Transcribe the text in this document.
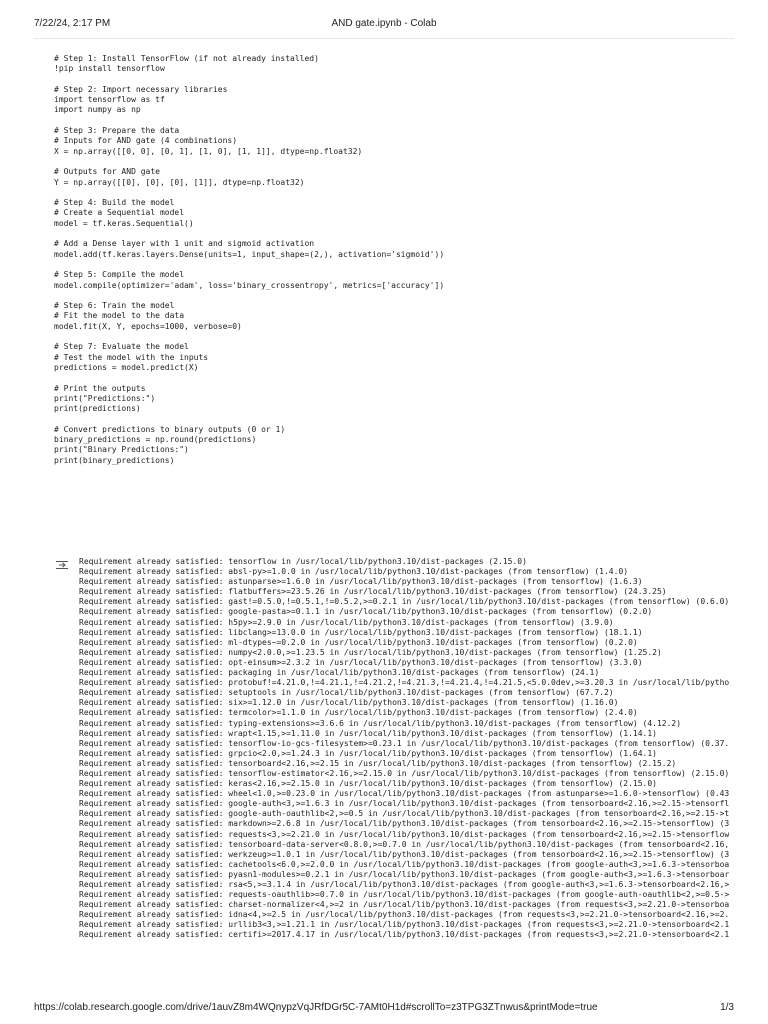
7/22/24, 2:17 PM	AND gate.ipynb - Colab
# Step 1: Install TensorFlow (if not already installed)
!pip install tensorflow
# Step 2: Import necessary libraries
import tensorflow as tf
import numpy as np
# Step 3: Prepare the data
# Inputs for AND gate (4 combinations)
X = np.array([[0, 0], [0, 1], [1, 0], [1, 1]], dtype=np.float32)
# Outputs for AND gate
Y = np.array([[0], [0], [0], [1]], dtype=np.float32)
# Step 4: Build the model
# Create a Sequential model
model = tf.keras.Sequential()
# Add a Dense layer with 1 unit and sigmoid activation
model.add(tf.keras.layers.Dense(units=1, input_shape=(2,), activation='sigmoid'))
# Step 5: Compile the model
model.compile(optimizer='adam', loss='binary_crossentropy', metrics=['accuracy'])
# Step 6: Train the model
# Fit the model to the data
model.fit(X, Y, epochs=1000, verbose=0)
# Step 7: Evaluate the model
# Test the model with the inputs
predictions = model.predict(X)
# Print the outputs
print("Predictions:")
print(predictions)
# Convert predictions to binary outputs (0 or 1)
binary_predictions = np.round(predictions)
print("Binary Predictions:")
print(binary_predictions)
Requirement already satisfied: tensorflow in /usr/local/lib/python3.10/dist-packages (2.15.0)
Requirement already satisfied: absl-py>=1.0.0 in /usr/local/lib/python3.10/dist-packages (from tensorflow) (1.4.0)
Requirement already satisfied: astunparse>=1.6.0 in /usr/local/lib/python3.10/dist-packages (from tensorflow) (1.6.3)
Requirement already satisfied: flatbuffers>=23.5.26 in /usr/local/lib/python3.10/dist-packages (from tensorflow) (24.3.25)
Requirement already satisfied: gast!=0.5.0,!=0.5.1,!=0.5.2,>=0.2.1 in /usr/local/lib/python3.10/dist-packages (from tensorflow) (0.6.0)
Requirement already satisfied: google-pasta>=0.1.1 in /usr/local/lib/python3.10/dist-packages (from tensorflow) (0.2.0)
Requirement already satisfied: h5py>=2.9.0 in /usr/local/lib/python3.10/dist-packages (from tensorflow) (3.9.0)
Requirement already satisfied: libclang>=13.0.0 in /usr/local/lib/python3.10/dist-packages (from tensorflow) (18.1.1)
Requirement already satisfied: ml-dtypes~=0.2.0 in /usr/local/lib/python3.10/dist-packages (from tensorflow) (0.2.0)
Requirement already satisfied: numpy<2.0.0,>=1.23.5 in /usr/local/lib/python3.10/dist-packages (from tensorflow) (1.25.2)
Requirement already satisfied: opt-einsum>=2.3.2 in /usr/local/lib/python3.10/dist-packages (from tensorflow) (3.3.0)
Requirement already satisfied: packaging in /usr/local/lib/python3.10/dist-packages (from tensorflow) (24.1)
Requirement already satisfied: protobuf!=4.21.0,!=4.21.1,!=4.21.2,!=4.21.3,!=4.21.4,!=4.21.5,<5.0.0dev,>=3.20.3 in /usr/local/lib/pytho
Requirement already satisfied: setuptools in /usr/local/lib/python3.10/dist-packages (from tensorflow) (67.7.2)
Requirement already satisfied: six>=1.12.0 in /usr/local/lib/python3.10/dist-packages (from tensorflow) (1.16.0)
Requirement already satisfied: termcolor>=1.1.0 in /usr/local/lib/python3.10/dist-packages (from tensorflow) (2.4.0)
Requirement already satisfied: typing-extensions>=3.6.6 in /usr/local/lib/python3.10/dist-packages (from tensorflow) (4.12.2)
Requirement already satisfied: wrapt<1.15,>=1.11.0 in /usr/local/lib/python3.10/dist-packages (from tensorflow) (1.14.1)
Requirement already satisfied: tensorflow-io-gcs-filesystem>=0.23.1 in /usr/local/lib/python3.10/dist-packages (from tensorflow) (0.37.
Requirement already satisfied: grpcio<2.0,>=1.24.3 in /usr/local/lib/python3.10/dist-packages (from tensorflow) (1.64.1)
Requirement already satisfied: tensorboard<2.16,>=2.15 in /usr/local/lib/python3.10/dist-packages (from tensorflow) (2.15.2)
Requirement already satisfied: tensorflow-estimator<2.16,>=2.15.0 in /usr/local/lib/python3.10/dist-packages (from tensorflow) (2.15.0)
Requirement already satisfied: keras<2.16,>=2.15.0 in /usr/local/lib/python3.10/dist-packages (from tensorflow) (2.15.0)
Requirement already satisfied: wheel<1.0,>=0.23.0 in /usr/local/lib/python3.10/dist-packages (from astunparse>=1.6.0->tensorflow) (0.43
Requirement already satisfied: google-auth<3,>=1.6.3 in /usr/local/lib/python3.10/dist-packages (from tensorboard<2.16,>=2.15->tensorfl
Requirement already satisfied: google-auth-oauthlib<2,>=0.5 in /usr/local/lib/python3.10/dist-packages (from tensorboard<2.16,>=2.15->t
Requirement already satisfied: markdown>=2.6.8 in /usr/local/lib/python3.10/dist-packages (from tensorboard<2.16,>=2.15->tensorflow) (3
Requirement already satisfied: requests<3,>=2.21.0 in /usr/local/lib/python3.10/dist-packages (from tensorboard<2.16,>=2.15->tensorflow
Requirement already satisfied: tensorboard-data-server<0.8.0,>=0.7.0 in /usr/local/lib/python3.10/dist-packages (from tensorboard<2.16,
Requirement already satisfied: werkzeug>=1.0.1 in /usr/local/lib/python3.10/dist-packages (from tensorboard<2.16,>=2.15->tensorflow) (3
Requirement already satisfied: cachetools<6.0,>=2.0.0 in /usr/local/lib/python3.10/dist-packages (from google-auth<3,>=1.6.3->tensorboa
Requirement already satisfied: pyasn1-modules>=0.2.1 in /usr/local/lib/python3.10/dist-packages (from google-auth<3,>=1.6.3->tensorboar
Requirement already satisfied: rsa<5,>=3.1.4 in /usr/local/lib/python3.10/dist-packages (from google-auth<3,>=1.6.3->tensorboard<2.16,>
Requirement already satisfied: requests-oauthlib>=0.7.0 in /usr/local/lib/python3.10/dist-packages (from google-auth-oauthlib<2,>=0.5->
Requirement already satisfied: charset-normalizer<4,>=2 in /usr/local/lib/python3.10/dist-packages (from requests<3,>=2.21.0->tensorboa
Requirement already satisfied: idna<4,>=2.5 in /usr/local/lib/python3.10/dist-packages (from requests<3,>=2.21.0->tensorboard<2.16,>=2.
Requirement already satisfied: urllib3<3,>=1.21.1 in /usr/local/lib/python3.10/dist-packages (from requests<3,>=2.21.0->tensorboard<2.1
Requirement already satisfied: certifi>=2017.4.17 in /usr/local/lib/python3.10/dist-packages (from requests<3,>=2.21.0->tensorboard<2.1
https://colab.research.google.com/drive/1auvZ8m4WQnypzVqJRfDGr5C-7AMt0H1d#scrollTo=z3TPG3ZTnwus&printMode=true	1/3
